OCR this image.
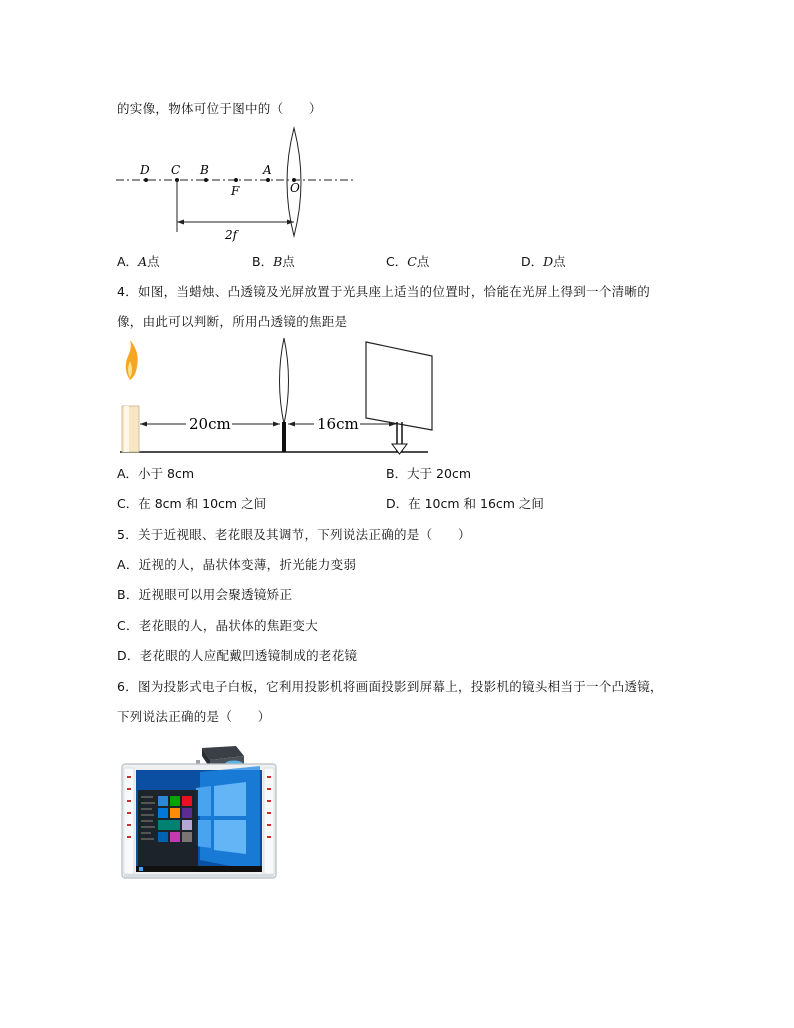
的实像，物体可位于图中的（　　）
D C B
F
A
O
2f
A．A点	B．B点	C．C点	D．D点
4．如图，当蜡烛、凸透镜及光屏放置于光具座上适当的位置时，恰能在光屏上得到一个清晰的
像，由此可以判断，所用凸透镜的焦距是
20cm	16cm
A．小于 8cm	B．大于 20cm
C．在 8cm 和 10cm 之间	D．在 10cm 和 16cm 之间
5．关于近视眼、老花眼及其调节，下列说法正确的是（　　）
A．近视的人，晶状体变薄，折光能力变弱
B．近视眼可以用会聚透镜矫正
C．老花眼的人，晶状体的焦距变大
D．老花眼的人应配戴凹透镜制成的老花镜
6．图为投影式电子白板，它利用投影机将画面投影到屏幕上，投影机的镜头相当于一个凸透镜，
下列说法正确的是（　　）
